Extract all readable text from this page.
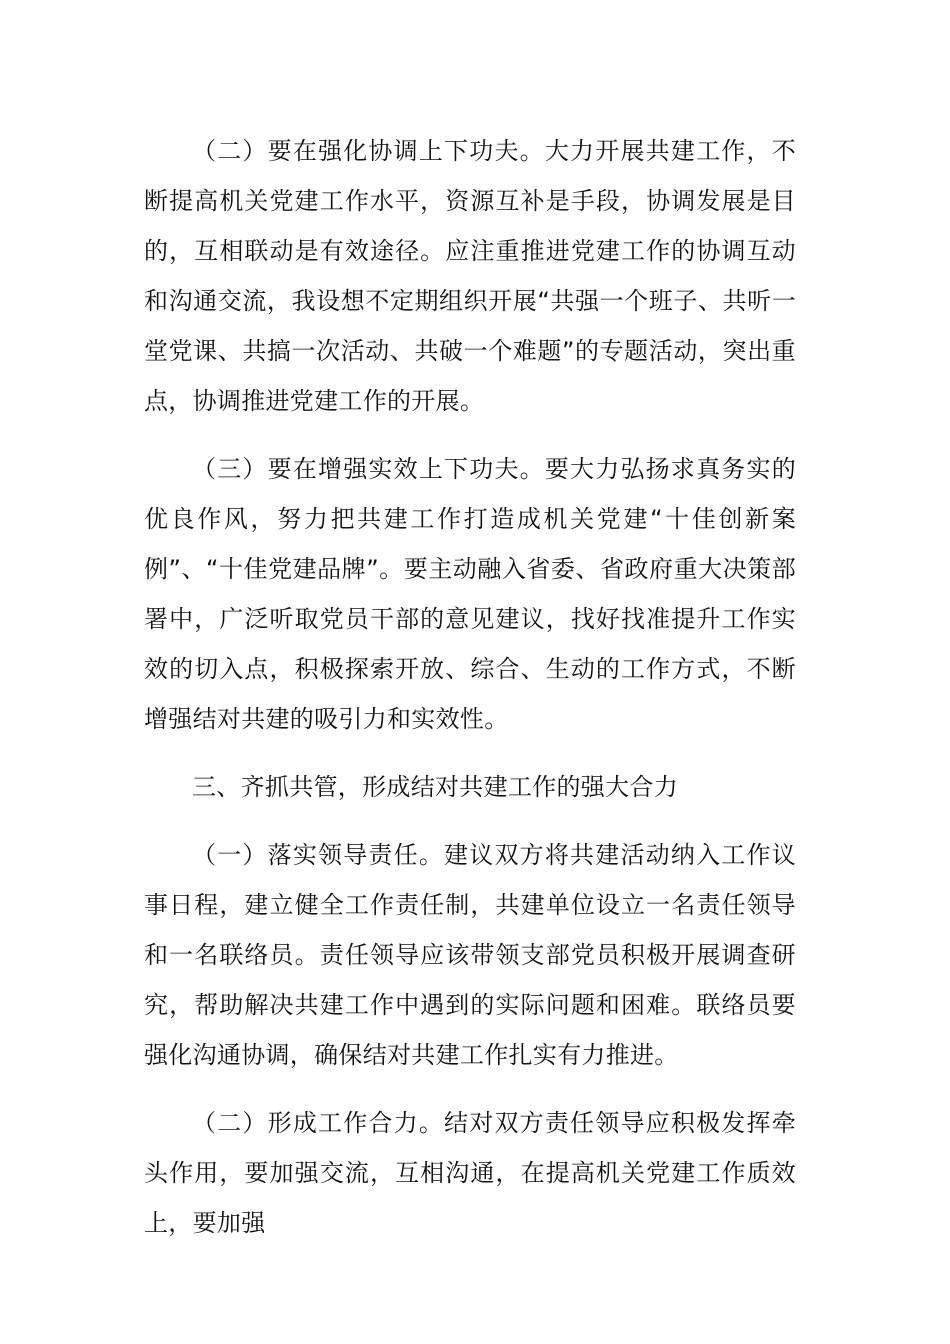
（二）要在强化协调上下功夫。大力开展共建工作，不断提高机关党建工作水平，资源互补是手段，协调发展是目的，互相联动是有效途径。应注重推进党建工作的协调互动和沟通交流，我设想不定期组织开展“共强一个班子、共听一堂党课、共搞一次活动、共破一个难题”的专题活动，突出重点，协调推进党建工作的开展。

（三）要在增强实效上下功夫。要大力弘扬求真务实的优良作风，努力把共建工作打造成机关党建“十佳创新案例”、“十佳党建品牌”。要主动融入省委、省政府重大决策部署中，广泛听取党员干部的意见建议，找好找准提升工作实效的切入点，积极探索开放、综合、生动的工作方式，不断增强结对共建的吸引力和实效性。

三、齐抓共管，形成结对共建工作的强大合力

（一）落实领导责任。建议双方将共建活动纳入工作议事日程，建立健全工作责任制，共建单位设立一名责任领导和一名联络员。责任领导应该带领支部党员积极开展调查研究，帮助解决共建工作中遇到的实际问题和困难。联络员要强化沟通协调，确保结对共建工作扎实有力推进。

（二）形成工作合力。结对双方责任领导应积极发挥牵头作用，要加强交流，互相沟通，在提高机关党建工作质效上，要加强
